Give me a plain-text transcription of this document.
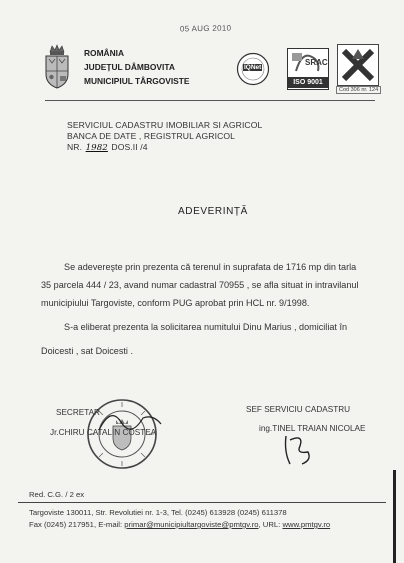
05 AUG 2010
ROMÂNIA
JUDEȚUL DÂMBOVITA
MUNICIPIUL TÂRGOVISTE
IQNet
SRAC
ISO 9001
Cod 306 nr. 124
SERVICIUL CADASTRU IMOBILIAR SI AGRICOL
BANCA DE DATE , REGISTRUL AGRICOL
NR. 1982 DOS.II /4
ADEVERINȚĂ
Se adevereşte prin prezenta că terenul in suprafata de 1716 mp din tarla
35 parcela 444 / 23, avand numar cadastral 70955 , se afla situat in intravilanul
municipiului Targoviste, conform PUG aprobat prin HCL nr. 9/1998.
S-a eliberat prezenta la solicitarea numitului Dinu Marius , domiciliat în
Doicesti , sat Doicesti .
SECRETAR
Jr.CHIRU CATALIN COSTEA
SEF SERVICIU CADASTRU
ing.TINEL TRAIAN NICOLAE
Red. C.G. / 2 ex
Targoviste 130011, Str. Revolutiei nr. 1-3, Tel. (0245) 613928 (0245) 611378
Fax (0245) 217951, E-mail: primar@municipiultargoviste@pmtgv.ro, URL: www.pmtgv.ro
